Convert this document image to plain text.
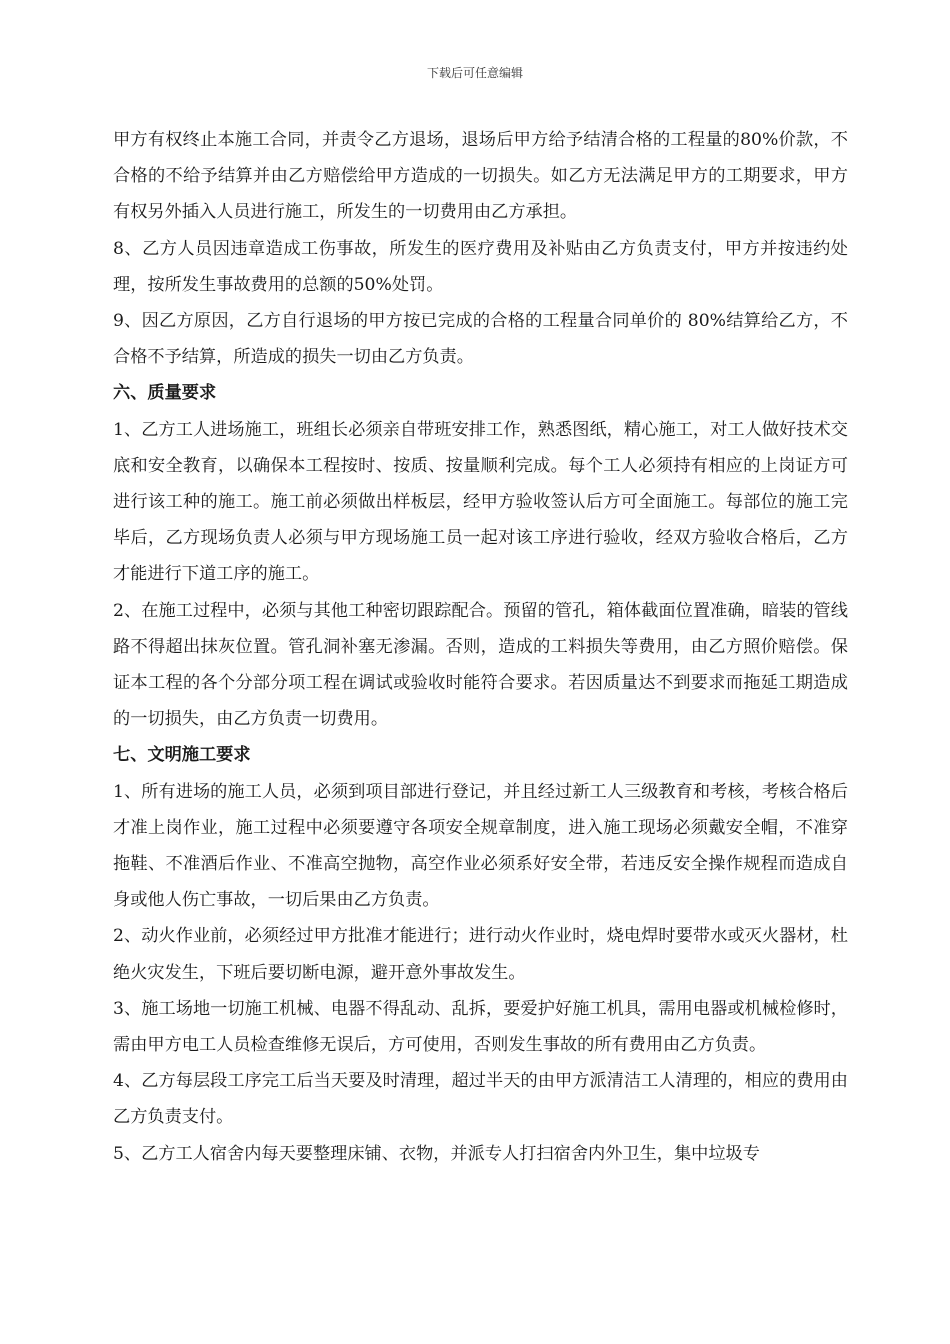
下载后可任意编辑

甲方有权终止本施工合同，并责令乙方退场，退场后甲方给予结清合格的工程量的80%价款，不合格的不给予结算并由乙方赔偿给甲方造成的一切损失。如乙方无法满足甲方的工期要求，甲方有权另外插入人员进行施工，所发生的一切费用由乙方承担。

8、乙方人员因违章造成工伤事故，所发生的医疗费用及补贴由乙方负责支付，甲方并按违约处理，按所发生事故费用的总额的50%处罚。

9、因乙方原因，乙方自行退场的甲方按已完成的合格的工程量合同单价的 80%结算给乙方，不合格不予结算，所造成的损失一切由乙方负责。

六、质量要求

1、乙方工人进场施工，班组长必须亲自带班安排工作，熟悉图纸，精心施工，对工人做好技术交底和安全教育，以确保本工程按时、按质、按量顺利完成。每个工人必须持有相应的上岗证方可进行该工种的施工。施工前必须做出样板层，经甲方验收签认后方可全面施工。每部位的施工完毕后，乙方现场负责人必须与甲方现场施工员一起对该工序进行验收，经双方验收合格后，乙方才能进行下道工序的施工。

2、在施工过程中，必须与其他工种密切跟踪配合。预留的管孔，箱体截面位置准确，暗装的管线路不得超出抹灰位置。管孔洞补塞无渗漏。否则，造成的工料损失等费用，由乙方照价赔偿。保证本工程的各个分部分项工程在调试或验收时能符合要求。若因质量达不到要求而拖延工期造成的一切损失，由乙方负责一切费用。

七、文明施工要求

1、所有进场的施工人员，必须到项目部进行登记，并且经过新工人三级教育和考核，考核合格后才准上岗作业，施工过程中必须要遵守各项安全规章制度，进入施工现场必须戴安全帽，不准穿拖鞋、不准酒后作业、不准高空抛物，高空作业必须系好安全带，若违反安全操作规程而造成自身或他人伤亡事故，一切后果由乙方负责。

2、动火作业前，必须经过甲方批准才能进行；进行动火作业时，烧电焊时要带水或灭火器材，杜绝火灾发生，下班后要切断电源，避开意外事故发生。

3、施工场地一切施工机械、电器不得乱动、乱拆，要爱护好施工机具，需用电器或机械检修时，需由甲方电工人员检查维修无误后，方可使用，否则发生事故的所有费用由乙方负责。

4、乙方每层段工序完工后当天要及时清理，超过半天的由甲方派清洁工人清理的，相应的费用由乙方负责支付。

5、乙方工人宿舍内每天要整理床铺、衣物，并派专人打扫宿舍内外卫生，集中垃圾专
